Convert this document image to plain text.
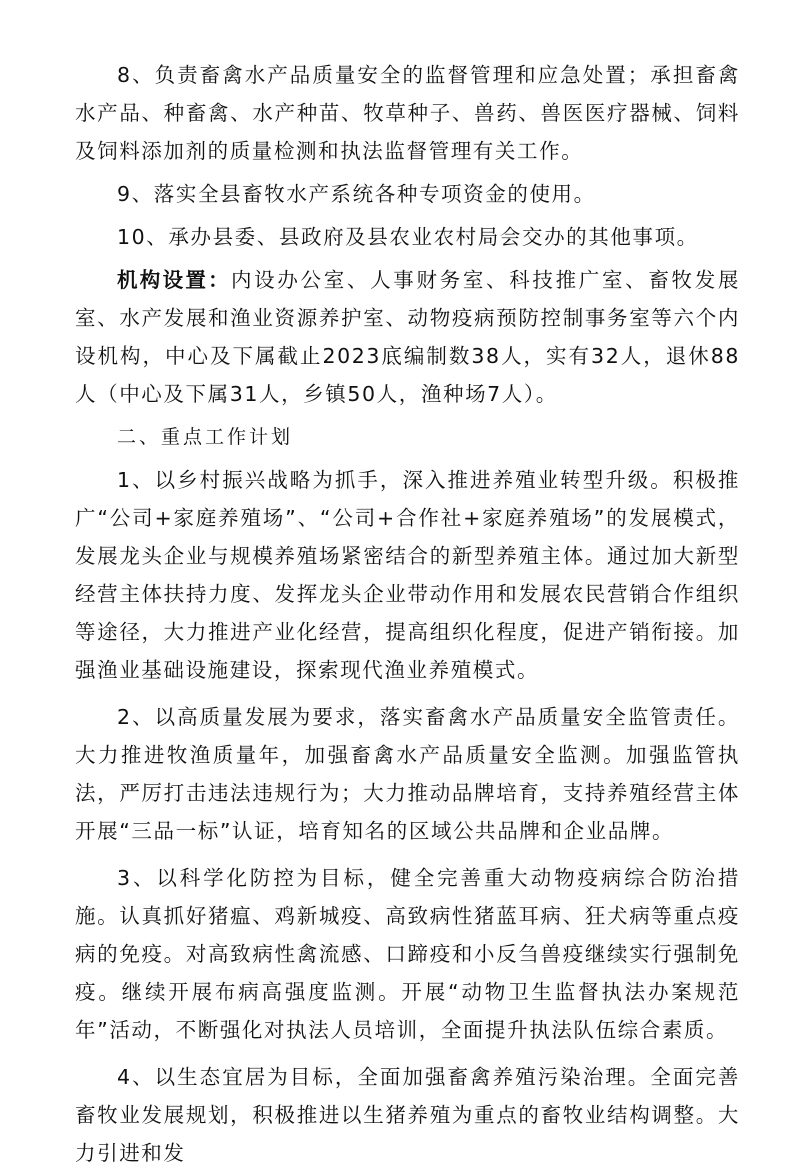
8、负责畜禽水产品质量安全的监督管理和应急处置；承担畜禽水产品、种畜禽、水产种苗、牧草种子、兽药、兽医医疗器械、饲料及饲料添加剂的质量检测和执法监督管理有关工作。

9、落实全县畜牧水产系统各种专项资金的使用。

10、承办县委、县政府及县农业农村局会交办的其他事项。

机构设置：内设办公室、人事财务室、科技推广室、畜牧发展室、水产发展和渔业资源养护室、动物疫病预防控制事务室等六个内设机构，中心及下属截止2023底编制数38人，实有32人，退休88人（中心及下属31人，乡镇50人，渔种场7人）。

二、重点工作计划

1、以乡村振兴战略为抓手，深入推进养殖业转型升级。积极推广“公司+家庭养殖场”、“公司+合作社+家庭养殖场”的发展模式，发展龙头企业与规模养殖场紧密结合的新型养殖主体。通过加大新型经营主体扶持力度、发挥龙头企业带动作用和发展农民营销合作组织等途径，大力推进产业化经营，提高组织化程度，促进产销衔接。加强渔业基础设施建设，探索现代渔业养殖模式。

2、以高质量发展为要求，落实畜禽水产品质量安全监管责任。大力推进牧渔质量年，加强畜禽水产品质量安全监测。加强监管执法，严厉打击违法违规行为；大力推动品牌培育，支持养殖经营主体开展“三品一标”认证，培育知名的区域公共品牌和企业品牌。

3、以科学化防控为目标，健全完善重大动物疫病综合防治措施。认真抓好猪瘟、鸡新城疫、高致病性猪蓝耳病、狂犬病等重点疫病的免疫。对高致病性禽流感、口蹄疫和小反刍兽疫继续实行强制免疫。继续开展布病高强度监测。开展“动物卫生监督执法办案规范年”活动，不断强化对执法人员培训，全面提升执法队伍综合素质。

4、以生态宜居为目标，全面加强畜禽养殖污染治理。全面完善畜牧业发展规划，积极推进以生猪养殖为重点的畜牧业结构调整。大力引进和发
